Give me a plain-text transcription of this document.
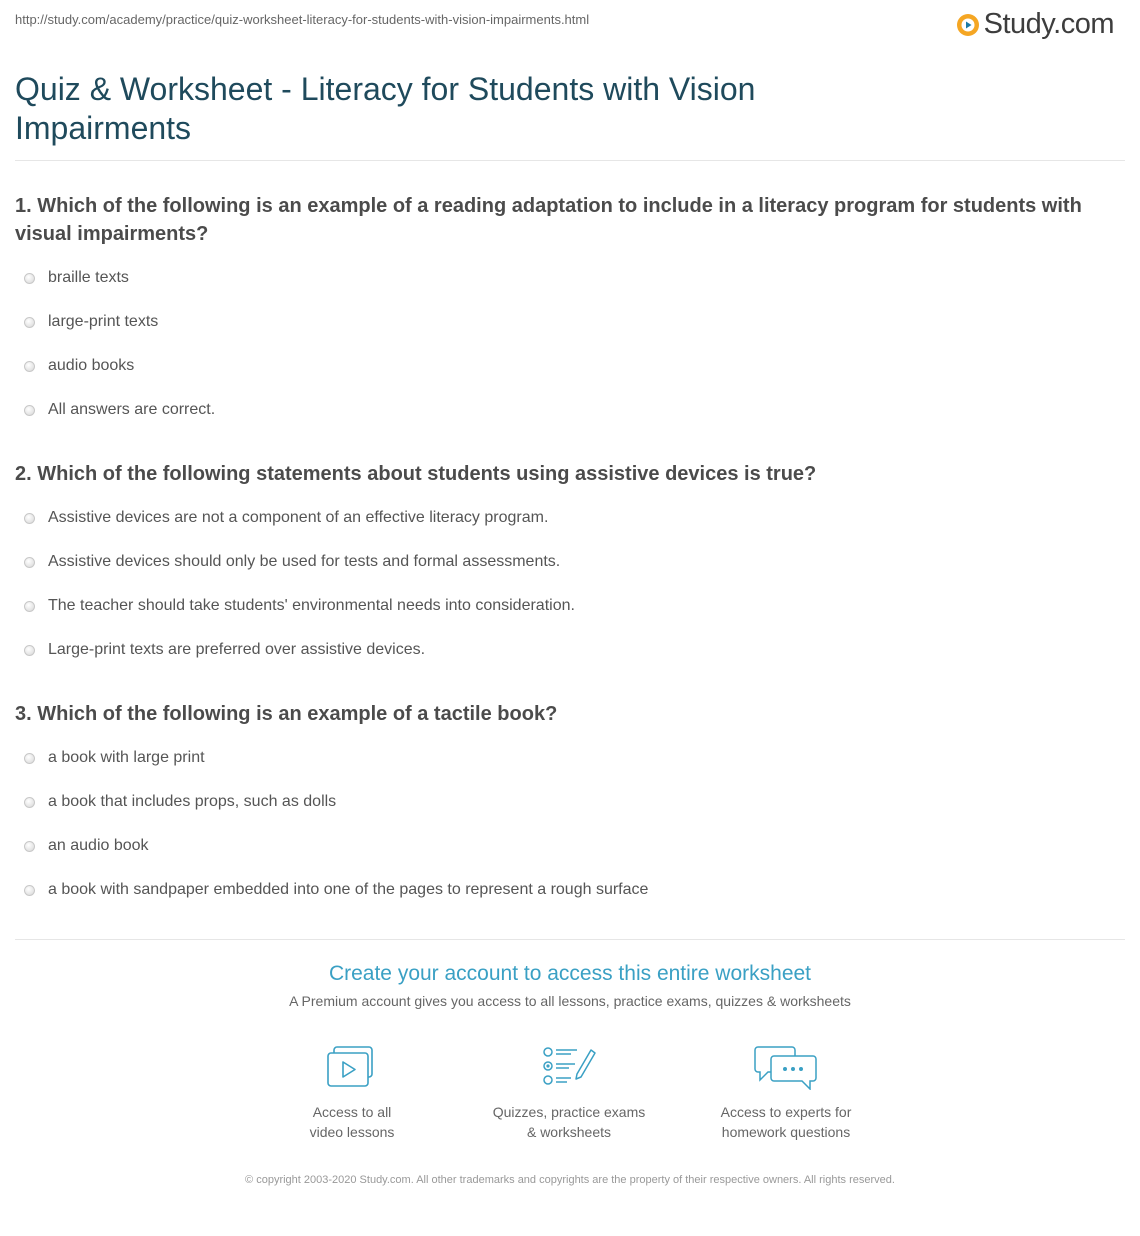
http://study.com/academy/practice/quiz-worksheet-literacy-for-students-with-vision-impairments.html	Study.com
Quiz & Worksheet - Literacy for Students with Vision Impairments

1. Which of the following is an example of a reading adaptation to include in a literacy program for students with visual impairments?

braille texts
large-print texts
audio books
All answers are correct.

2. Which of the following statements about students using assistive devices is true?

Assistive devices are not a component of an effective literacy program.
Assistive devices should only be used for tests and formal assessments.
The teacher should take students' environmental needs into consideration.
Large-print texts are preferred over assistive devices.

3. Which of the following is an example of a tactile book?

a book with large print
a book that includes props, such as dolls
an audio book
a book with sandpaper embedded into one of the pages to represent a rough surface
Create your account to access this entire worksheet
A Premium account gives you access to all lessons, practice exams, quizzes & worksheets
Access to all
video lessons
Quizzes, practice exams
& worksheets
Access to experts for
homework questions
© copyright 2003-2020 Study.com. All other trademarks and copyrights are the property of their respective owners. All rights reserved.
